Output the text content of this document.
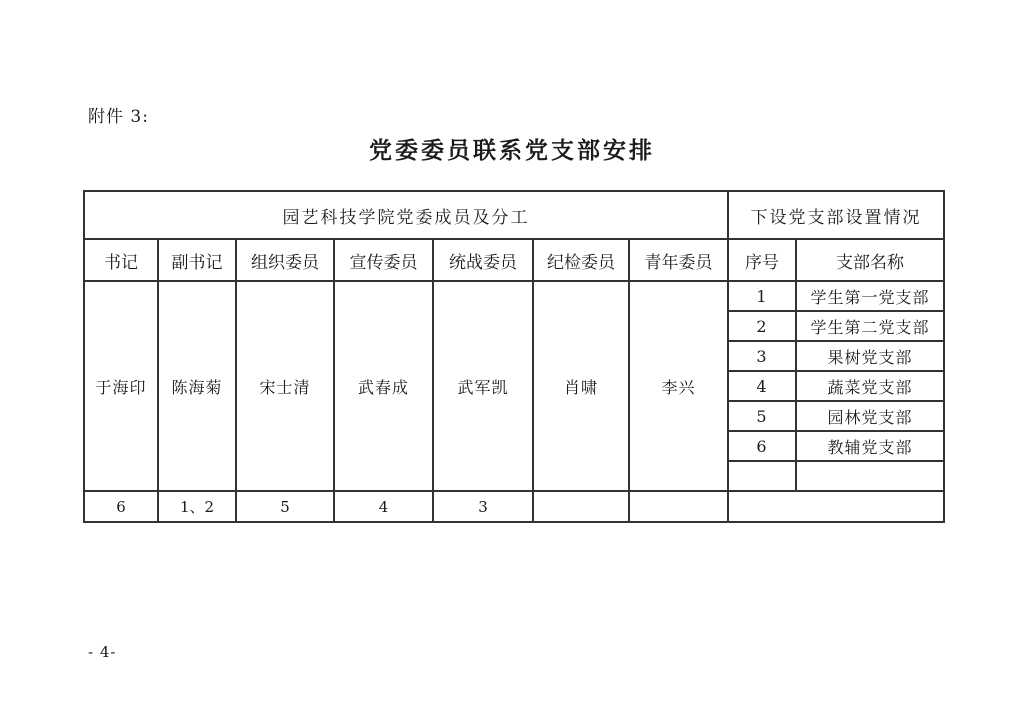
附件 3:
党委委员联系党支部安排
园艺科技学院党委成员及分工							下设党支部设置情况	
书记	副书记	组织委员	宣传委员	统战委员	纪检委员	青年委员	序号	支部名称
于海印	陈海菊	宋士清	武春成	武军凯	肖啸	李兴	1	学生第一党支部
							2	学生第二党支部
							3	果树党支部
							4	蔬菜党支部
							5	园林党支部
							6	教辅党支部

6	1、2	5	4	3				
- 4-
